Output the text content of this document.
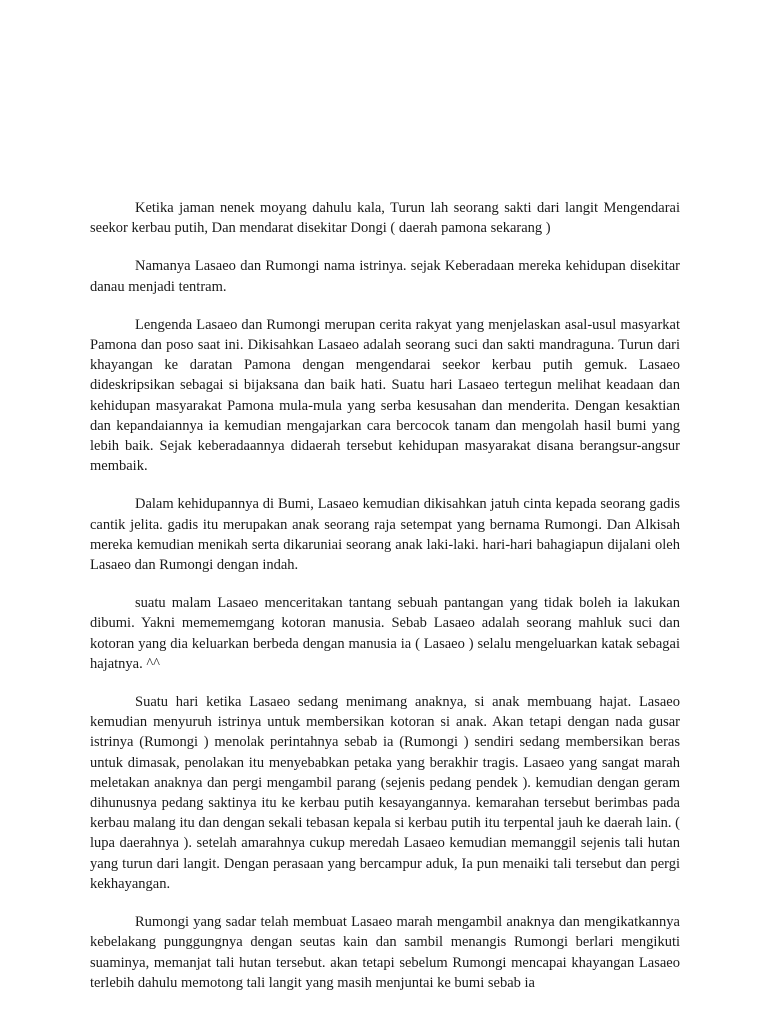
Ketika jaman nenek moyang dahulu kala, Turun lah seorang sakti dari langit Mengendarai seekor kerbau putih, Dan mendarat disekitar Dongi ( daerah pamona sekarang )

Namanya Lasaeo dan Rumongi nama istrinya. sejak Keberadaan mereka kehidupan disekitar danau menjadi tentram.

Lengenda Lasaeo dan Rumongi merupan cerita rakyat yang menjelaskan asal-usul masyarkat Pamona dan poso saat ini. Dikisahkan Lasaeo adalah seorang suci dan sakti mandraguna. Turun dari khayangan ke daratan Pamona dengan mengendarai seekor kerbau putih gemuk. Lasaeo dideskripsikan sebagai si bijaksana dan baik hati. Suatu hari Lasaeo tertegun melihat keadaan dan kehidupan masyarakat Pamona mula-mula yang serba kesusahan dan menderita. Dengan kesaktian dan kepandaiannya ia kemudian mengajarkan cara bercocok tanam dan mengolah hasil bumi yang lebih baik. Sejak keberadaannya didaerah tersebut kehidupan masyarakat disana berangsur-angsur membaik.

Dalam kehidupannya di Bumi, Lasaeo kemudian dikisahkan jatuh cinta kepada seorang gadis cantik jelita. gadis itu merupakan anak seorang raja setempat yang bernama Rumongi. Dan Alkisah mereka kemudian menikah serta dikaruniai seorang anak laki-laki. hari-hari bahagiapun dijalani oleh Lasaeo dan Rumongi dengan indah.

suatu malam Lasaeo menceritakan tantang sebuah pantangan yang tidak boleh ia lakukan dibumi. Yakni memememgang kotoran manusia. Sebab Lasaeo adalah seorang mahluk suci dan kotoran yang dia keluarkan berbeda dengan manusia ia ( Lasaeo ) selalu mengeluarkan katak sebagai hajatnya. ^^

Suatu hari ketika Lasaeo sedang menimang anaknya, si anak membuang hajat. Lasaeo kemudian menyuruh istrinya untuk membersikan kotoran si anak. Akan tetapi dengan nada gusar istrinya (Rumongi ) menolak perintahnya sebab ia (Rumongi ) sendiri sedang membersikan beras untuk dimasak, penolakan itu menyebabkan petaka yang berakhir tragis. Lasaeo yang sangat marah meletakan anaknya dan pergi mengambil parang (sejenis pedang pendek ). kemudian dengan geram dihunusnya pedang saktinya itu ke kerbau putih kesayangannya. kemarahan tersebut berimbas pada kerbau malang itu dan dengan sekali tebasan kepala si kerbau putih itu terpental jauh ke daerah lain. ( lupa daerahnya ). setelah amarahnya cukup meredah Lasaeo kemudian memanggil sejenis tali hutan yang turun dari langit. Dengan perasaan yang bercampur aduk, Ia pun menaiki tali tersebut dan pergi kekhayangan.

Rumongi yang sadar telah membuat Lasaeo marah mengambil anaknya dan mengikatkannya kebelakang punggungnya dengan seutas kain dan sambil menangis Rumongi berlari mengikuti suaminya, memanjat tali hutan tersebut. akan tetapi sebelum Rumongi mencapai khayangan Lasaeo terlebih dahulu memotong tali langit yang masih menjuntai ke bumi sebab ia
